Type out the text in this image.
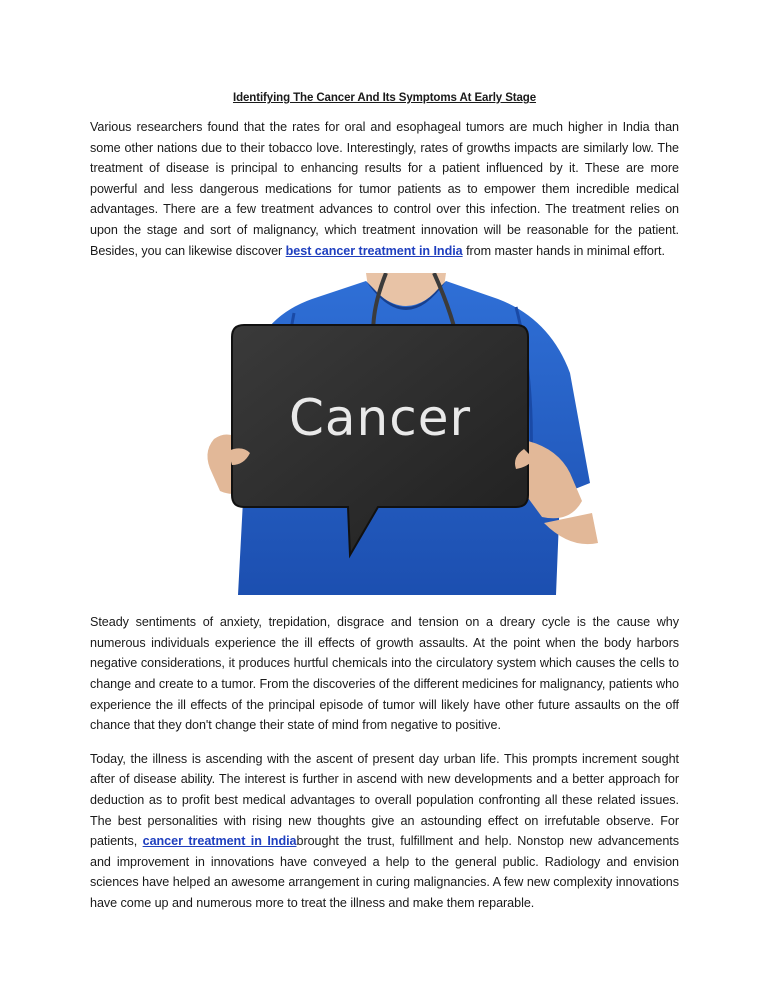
Identifying The Cancer And Its Symptoms At Early Stage

Various researchers found that the rates for oral and esophageal tumors are much higher in India than some other nations due to their tobacco love. Interestingly, rates of growths impacts are similarly low. The treatment of disease is principal to enhancing results for a patient influenced by it. These are more powerful and less dangerous medications for tumor patients as to empower them incredible medical advantages. There are a few treatment advances to control over this infection. The treatment relies on upon the stage and sort of malignancy, which treatment innovation will be reasonable for the patient. Besides, you can likewise discover best cancer treatment in India from master hands in minimal effort.

Cancer

Steady sentiments of anxiety, trepidation, disgrace and tension on a dreary cycle is the cause why numerous individuals experience the ill effects of growth assaults. At the point when the body harbors negative considerations, it produces hurtful chemicals into the circulatory system which causes the cells to change and create to a tumor. From the discoveries of the different medicines for malignancy, patients who experience the ill effects of the principal episode of tumor will likely have other future assaults on the off chance that they don't change their state of mind from negative to positive.

Today, the illness is ascending with the ascent of present day urban life. This prompts increment sought after of disease ability. The interest is further in ascend with new developments and a better approach for deduction as to profit best medical advantages to overall population confronting all these related issues. The best personalities with rising new thoughts give an astounding effect on irrefutable observe. For patients, cancer treatment in Indiabrought the trust, fulfillment and help. Nonstop new advancements and improvement in innovations have conveyed a help to the general public. Radiology and envision sciences have helped an awesome arrangement in curing malignancies. A few new complexity innovations have come up and numerous more to treat the illness and make them reparable.
